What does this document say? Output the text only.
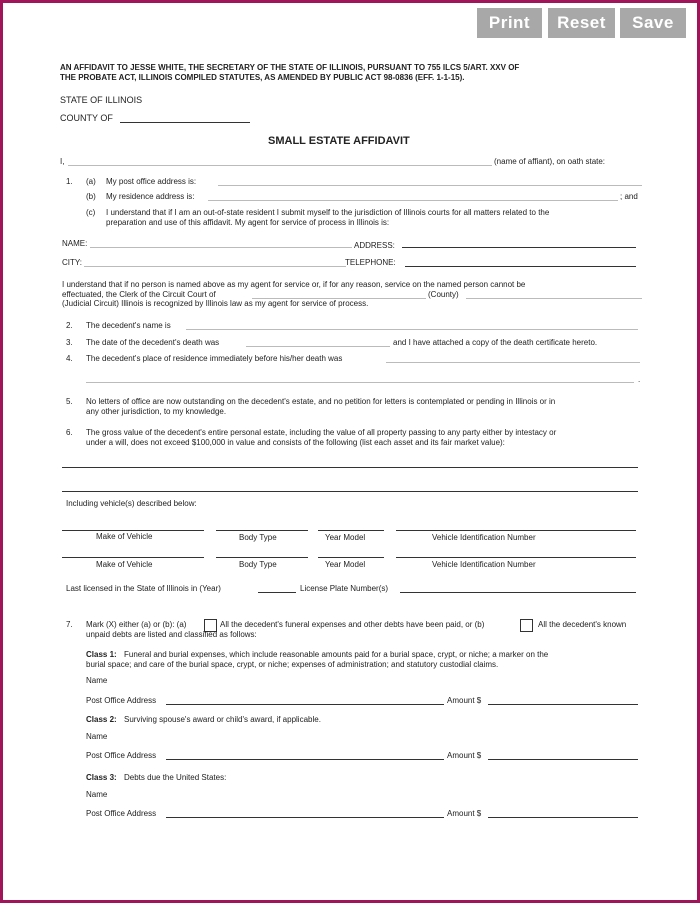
Print	Reset	Save
AN AFFIDAVIT TO JESSE WHITE, THE SECRETARY OF THE STATE OF ILLINOIS, PURSUANT TO 755 ILCS 5/ART. XXV OF
THE PROBATE ACT, ILLINOIS COMPILED STATUTES, AS AMENDED BY PUBLIC ACT 98-0836 (EFF. 1-1-15).
STATE OF ILLINOIS
COUNTY OF
SMALL ESTATE AFFIDAVIT
I,	(name of affiant), on oath state:
1. (a) My post office address is:
(b) My residence address is:	; and
(c) I understand that if I am an out-of-state resident I submit myself to the jurisdiction of Illinois courts for all matters related to the
preparation and use of this affidavit. My agent for service of process in Illinois is:
NAME:	ADDRESS:
CITY:	TELEPHONE:
I understand that if no person is named above as my agent for service or, if for any reason, service on the named person cannot be
effectuated, the Clerk of the Circuit Court of	(County)
(Judicial Circuit) Illinois is recognized by Illinois law as my agent for service of process.
2. The decedent's name is
3. The date of the decedent's death was	and I have attached a copy of the death certificate hereto.
4. The decedent's place of residence immediately before his/her death was
.
5. No letters of office are now outstanding on the decedent's estate, and no petition for letters is contemplated or pending in Illinois or in
any other jurisdiction, to my knowledge.
6. The gross value of the decedent's entire personal estate, including the value of all property passing to any party either by intestacy or
under a will, does not exceed $100,000 in value and consists of the following (list each asset and its fair market value):
Including vehicle(s) described below:
Make of Vehicle	Body Type	Year Model	Vehicle Identification Number
Make of Vehicle	Body Type	Year Model	Vehicle Identification Number
Last licensed in the State of Illinois in (Year)	License Plate Number(s)
7. Mark (X) either (a) or (b): (a)	All the decedent's funeral expenses and other debts have been paid, or (b)	All the decedent's known
unpaid debts are listed and classified as follows:
Class 1: Funeral and burial expenses, which include reasonable amounts paid for a burial space, crypt, or niche; a marker on the
burial space; and care of the burial space, crypt, or niche; expenses of administration; and statutory custodial claims.
Name
Post Office Address	Amount $
Class 2: Surviving spouse's award or child's award, if applicable.
Name
Post Office Address	Amount $
Class 3: Debts due the United States:
Name
Post Office Address	Amount $
